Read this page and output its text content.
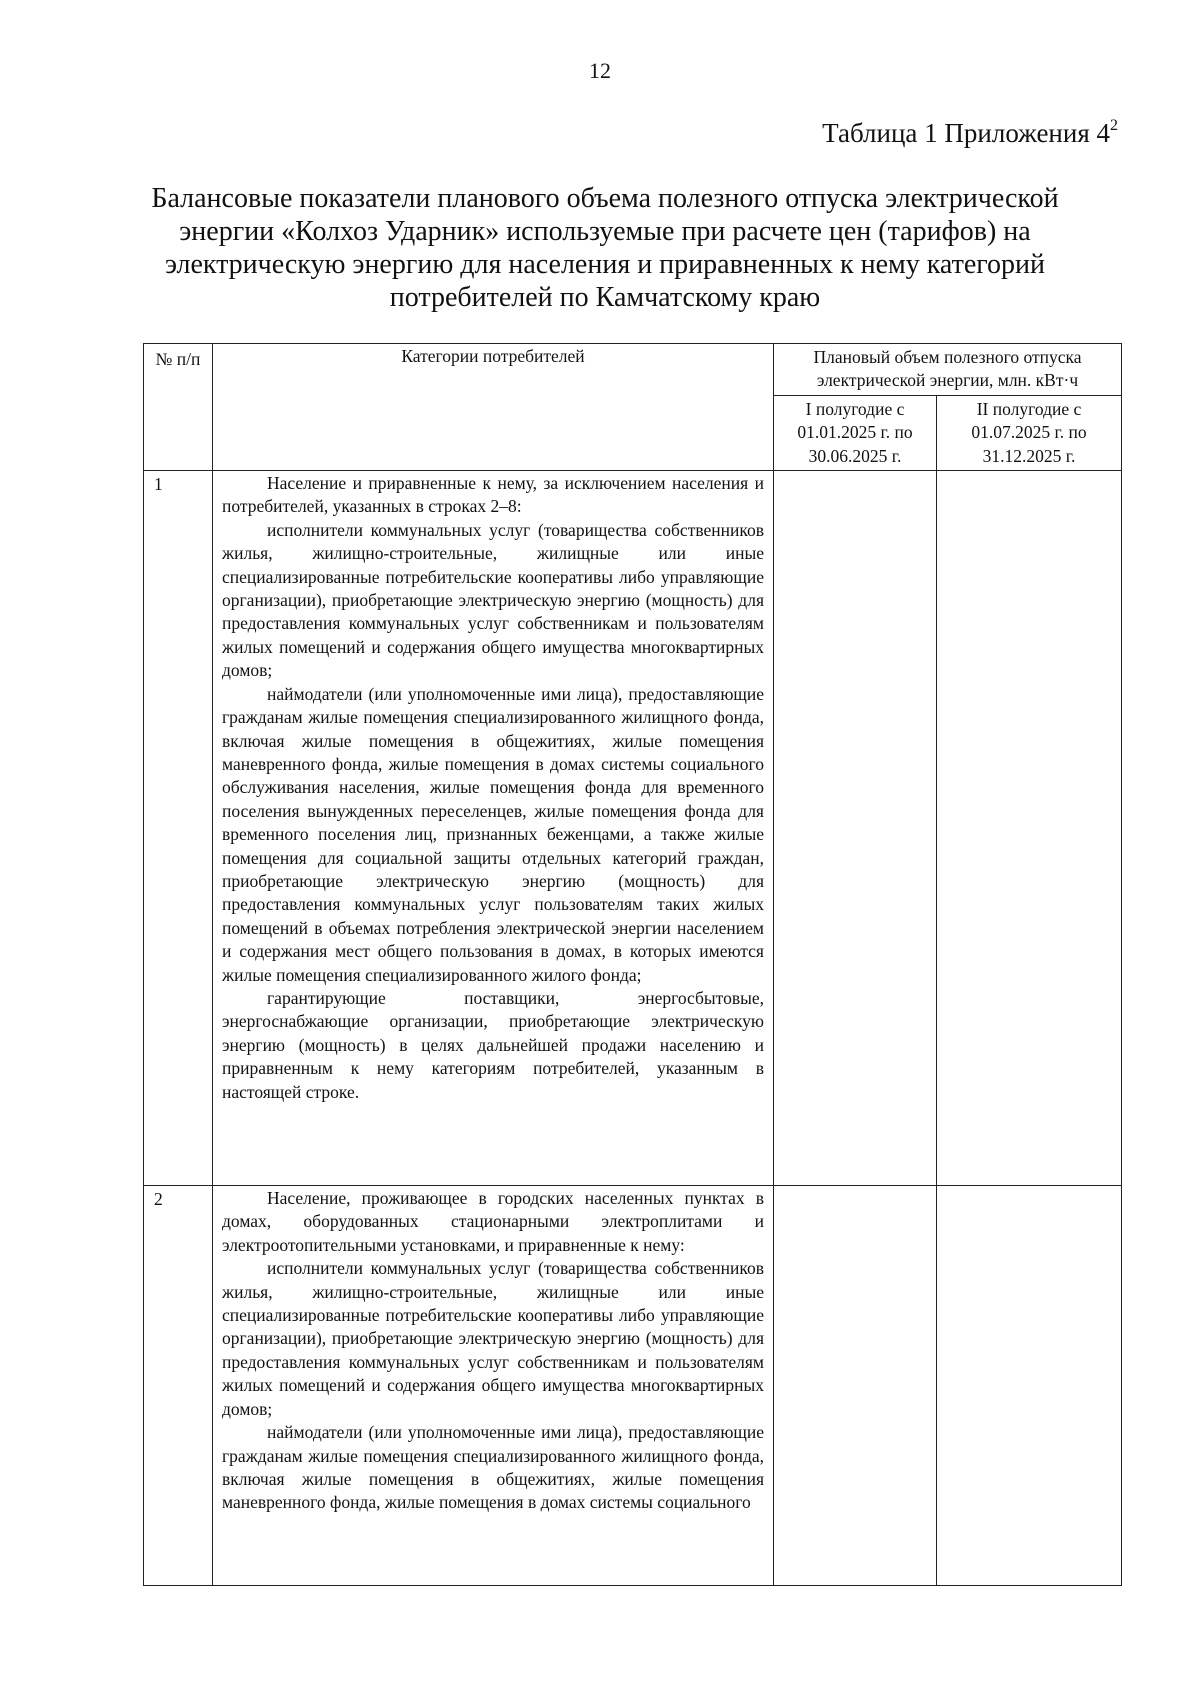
12
Таблица 1 Приложения $4^2$
Балансовые показатели планового объема полезного отпуска электрической энергии «Колхоз Ударник» используемые при расчете цен (тарифов) на электрическую энергию для населения и приравненных к нему категорий потребителей по Камчатскому краю
№ п/п	Категории потребителей	Плановый объем полезного отпуска электрической энергии, млн. кВт·ч	
		I полугодие с 01.01.2025 г. по 30.06.2025 г.	II полугодие с 01.07.2025 г. по 31.12.2025 г.
1	Население и приравненные к нему, за исключением населения и потребителей, указанных в строках 2–8:

исполнители коммунальных услуг (товарищества собственников жилья, жилищно-строительные, жилищные или иные специализированные потребительские кооперативы либо управляющие организации), приобретающие электрическую энергию (мощность) для предоставления коммунальных услуг собственникам и пользователям жилых помещений и содержания общего имущества многоквартирных домов;

наймодатели (или уполномоченные ими лица), предоставляющие гражданам жилые помещения специализированного жилищного фонда, включая жилые помещения в общежитиях, жилые помещения маневренного фонда, жилые помещения в домах системы социального обслуживания населения, жилые помещения фонда для временного поселения вынужденных переселенцев, жилые помещения фонда для временного поселения лиц, признанных беженцами, а также жилые помещения для социальной защиты отдельных категорий граждан, приобретающие электрическую энергию (мощность) для предоставления коммунальных услуг пользователям таких жилых помещений в объемах потребления электрической энергии населением и содержания мест общего пользования в домах, в которых имеются жилые помещения специализированного жилого фонда;

гарантирующие поставщики, энергосбытовые, энергоснабжающие организации, приобретающие электрическую энергию (мощность) в целях дальнейшей продажи населению и приравненным к нему категориям потребителей, указанным в настоящей строке.		

2	Население, проживающее в городских населенных пунктах в домах, оборудованных стационарными электроплитами и электроотопительными установками, и приравненные к нему:

исполнители коммунальных услуг (товарищества собственников жилья, жилищно-строительные, жилищные или иные специализированные потребительские кооперативы либо управляющие организации), приобретающие электрическую энергию (мощность) для предоставления коммунальных услуг собственникам и пользователям жилых помещений и содержания общего имущества многоквартирных домов;

наймодатели (или уполномоченные ими лица), предоставляющие гражданам жилые помещения специализированного жилищного фонда, включая жилые помещения в общежитиях, жилые помещения маневренного фонда, жилые помещения в домах системы социального		
